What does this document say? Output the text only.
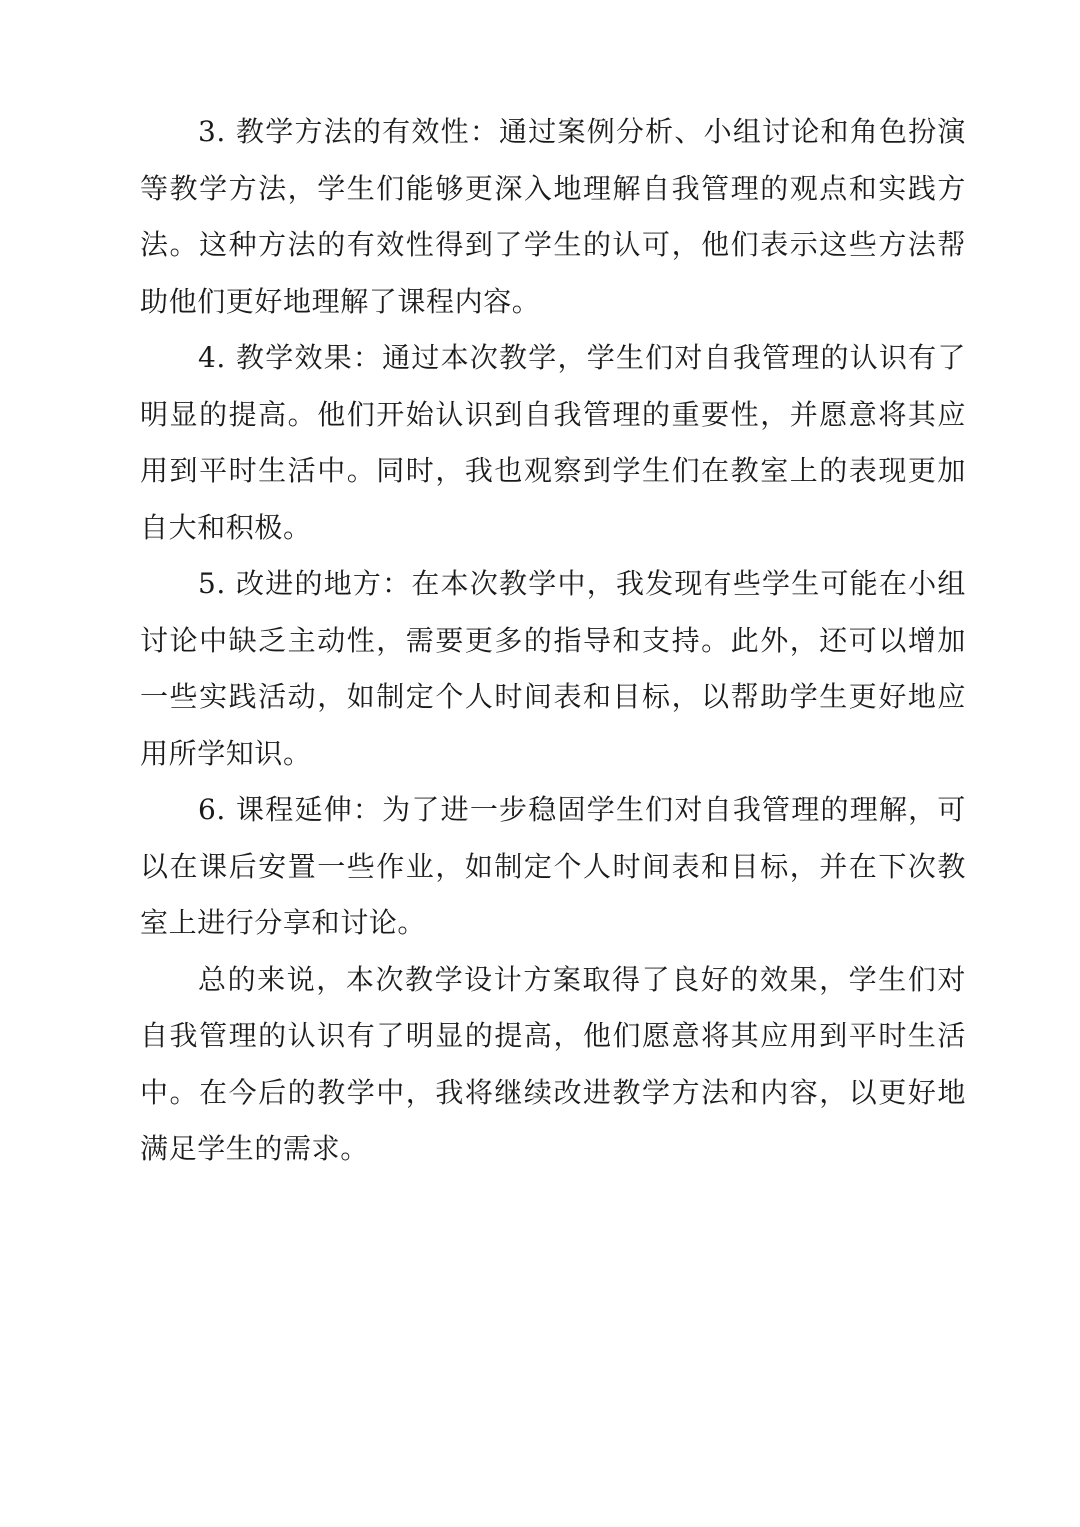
3. 教学方法的有效性：通过案例分析、小组讨论和角色扮演等教学方法，学生们能够更深入地理解自我管理的观点和实践方法。这种方法的有效性得到了学生的认可，他们表示这些方法帮助他们更好地理解了课程内容。

4. 教学效果：通过本次教学，学生们对自我管理的认识有了明显的提高。他们开始认识到自我管理的重要性，并愿意将其应用到平时生活中。同时，我也观察到学生们在教室上的表现更加自大和积极。

5. 改进的地方：在本次教学中，我发现有些学生可能在小组讨论中缺乏主动性，需要更多的指导和支持。此外，还可以增加一些实践活动，如制定个人时间表和目标，以帮助学生更好地应用所学知识。

6. 课程延伸：为了进一步稳固学生们对自我管理的理解，可以在课后安置一些作业，如制定个人时间表和目标，并在下次教室上进行分享和讨论。

总的来说，本次教学设计方案取得了良好的效果，学生们对自我管理的认识有了明显的提高，他们愿意将其应用到平时生活中。在今后的教学中，我将继续改进教学方法和内容，以更好地满足学生的需求。
